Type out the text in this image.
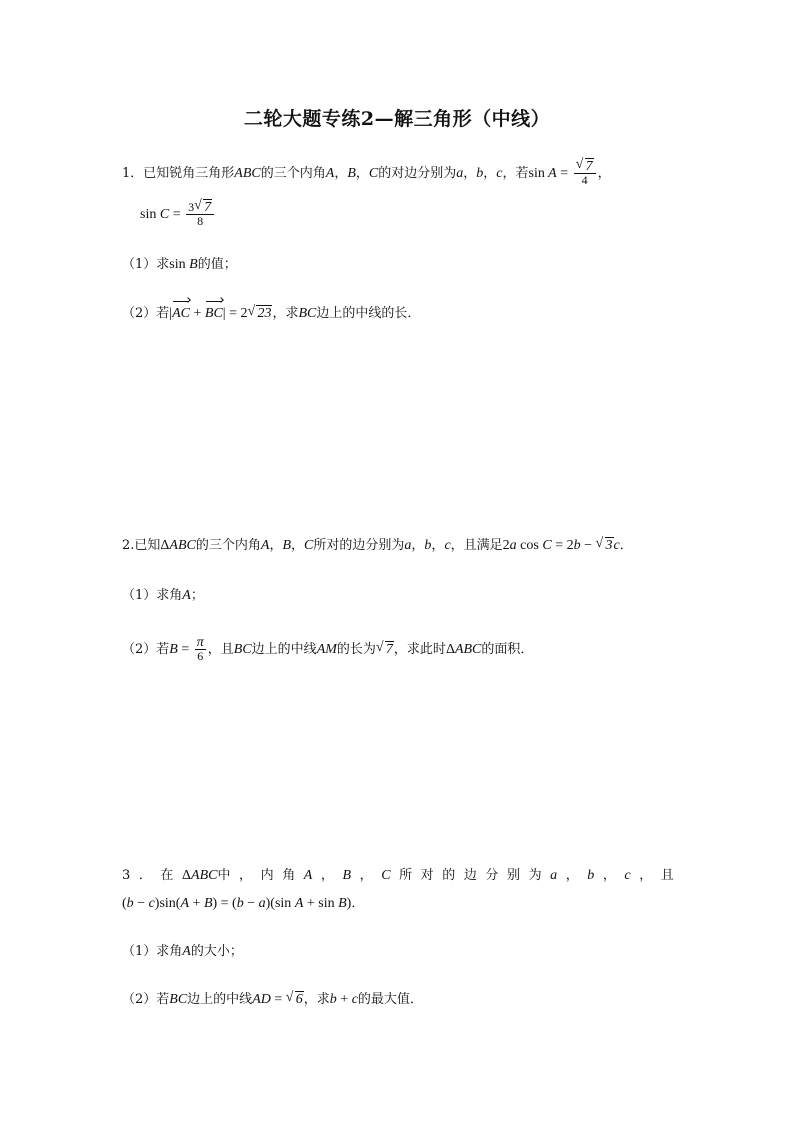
二轮大题专练2—解三角形（中线）
1．已知锐角三角形ABC的三个内角A，B，C的对边分别为a，b，c，若sin A = √ $\frac{7}{4}$ ，
$\sin C = \frac{3 √ 7}{8}$
（1）求sin B的值；
（2）若|AC + BC| = 2 √ 23，求BC边上的中线的长．
2.已知ΔABC的三个内角A，B，C所对的边分别为a，b，c，且满足2a cos C = 2b − √ 3c．
（1）求角A；
（2）若$B = \frac{\pi}{6}$ ，且BC边上的中线AM的长为 √ 7，求此时ΔABC的面积．
3 ． 在 ΔABC中 ， 内 角 A ， B ， C 所 对 的 边 分 别 为 a ， b ， c ， 且
(b − c)sin(A + B) = (b − a)(sin A + sin B)．
（1）求角A的大小；
（2）若BC边上的中线AD = √ 6，求b + c的最大值．
